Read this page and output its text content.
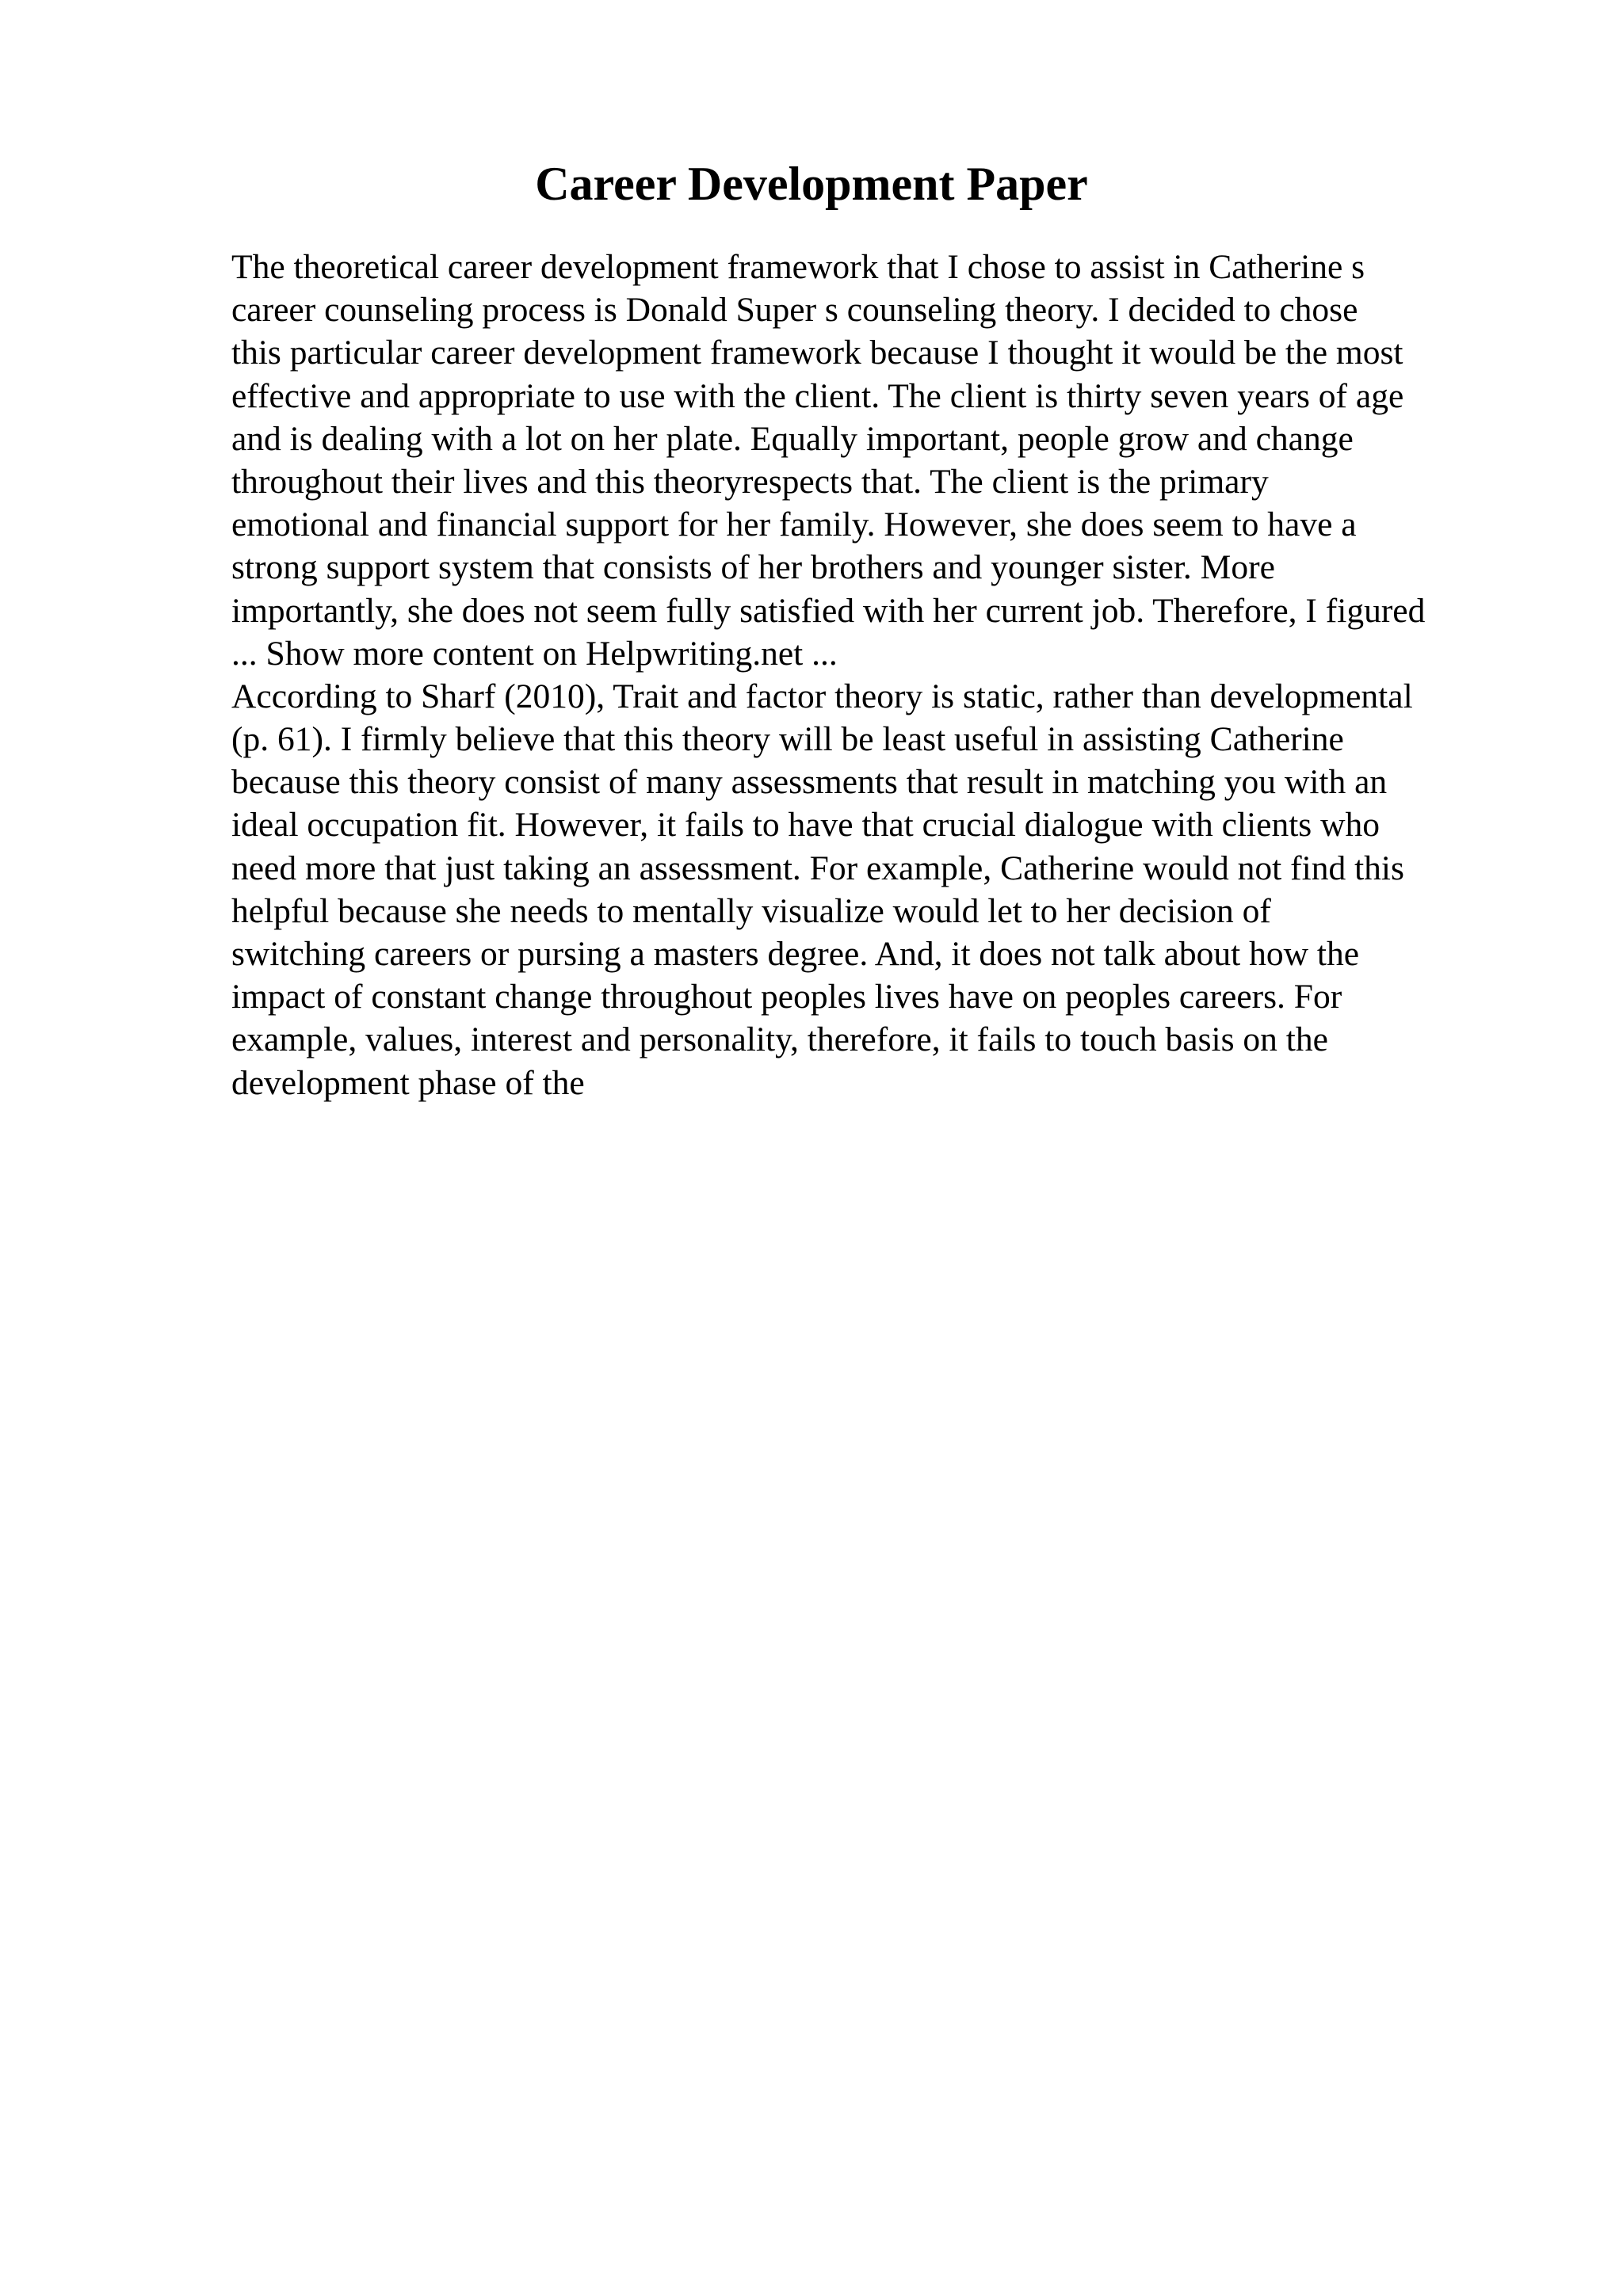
Career Development Paper
The theoretical career development framework that I chose to assist in Catherine s
career counseling process is Donald Super s counseling theory. I decided to chose
this particular career development framework because I thought it would be the most
effective and appropriate to use with the client. The client is thirty seven years of age
and is dealing with a lot on her plate. Equally important, people grow and change
throughout their lives and this theoryrespects that. The client is the primary
emotional and financial support for her family. However, she does seem to have a
strong support system that consists of her brothers and younger sister. More
importantly, she does not seem fully satisfied with her current job. Therefore, I figured
... Show more content on Helpwriting.net ...
According to Sharf (2010), Trait and factor theory is static, rather than developmental
(p. 61). I firmly believe that this theory will be least useful in assisting Catherine
because this theory consist of many assessments that result in matching you with an
ideal occupation fit. However, it fails to have that crucial dialogue with clients who
need more that just taking an assessment. For example, Catherine would not find this
helpful because she needs to mentally visualize would let to her decision of
switching careers or pursing a masters degree. And, it does not talk about how the
impact of constant change throughout peoples lives have on peoples careers. For
example, values, interest and personality, therefore, it fails to touch basis on the
development phase of the
